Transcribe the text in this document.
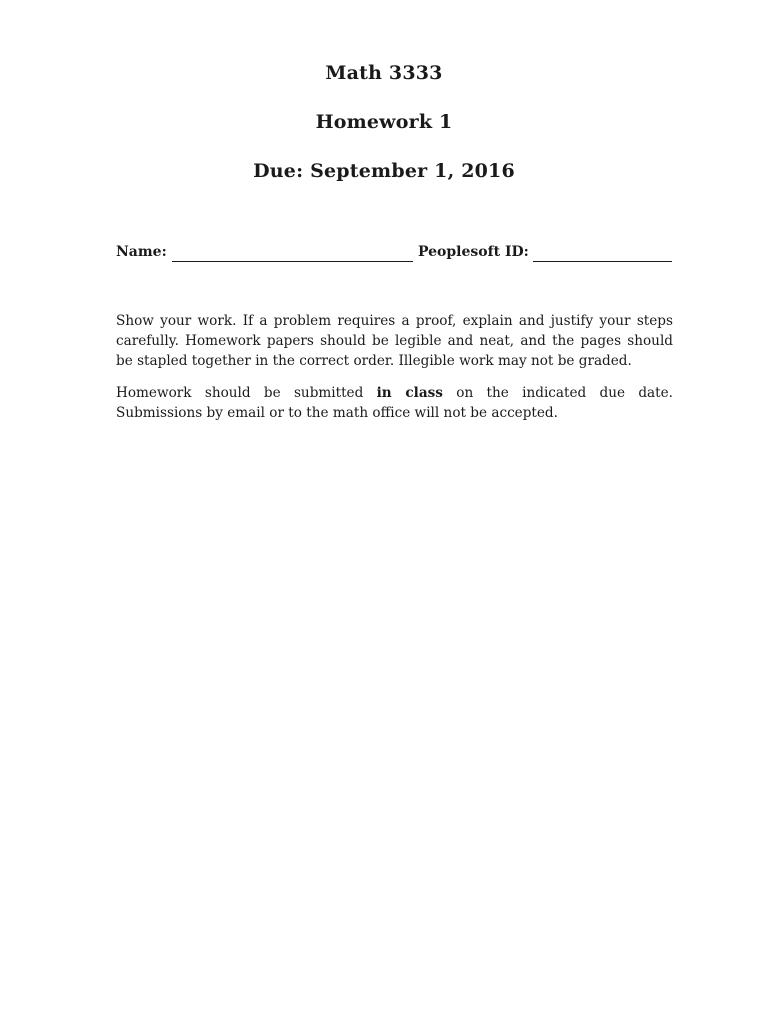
Math 3333
Homework 1
Due: September 1, 2016
Name:	Peoplesoft ID:

Show your work. If a problem requires a proof, explain and justify your steps carefully. Homework papers should be legible and neat, and the pages should be stapled together in the correct order. Illegible work may not be graded.

Homework should be submitted in class on the indicated due date. Submissions by email or to the math office will not be accepted.
